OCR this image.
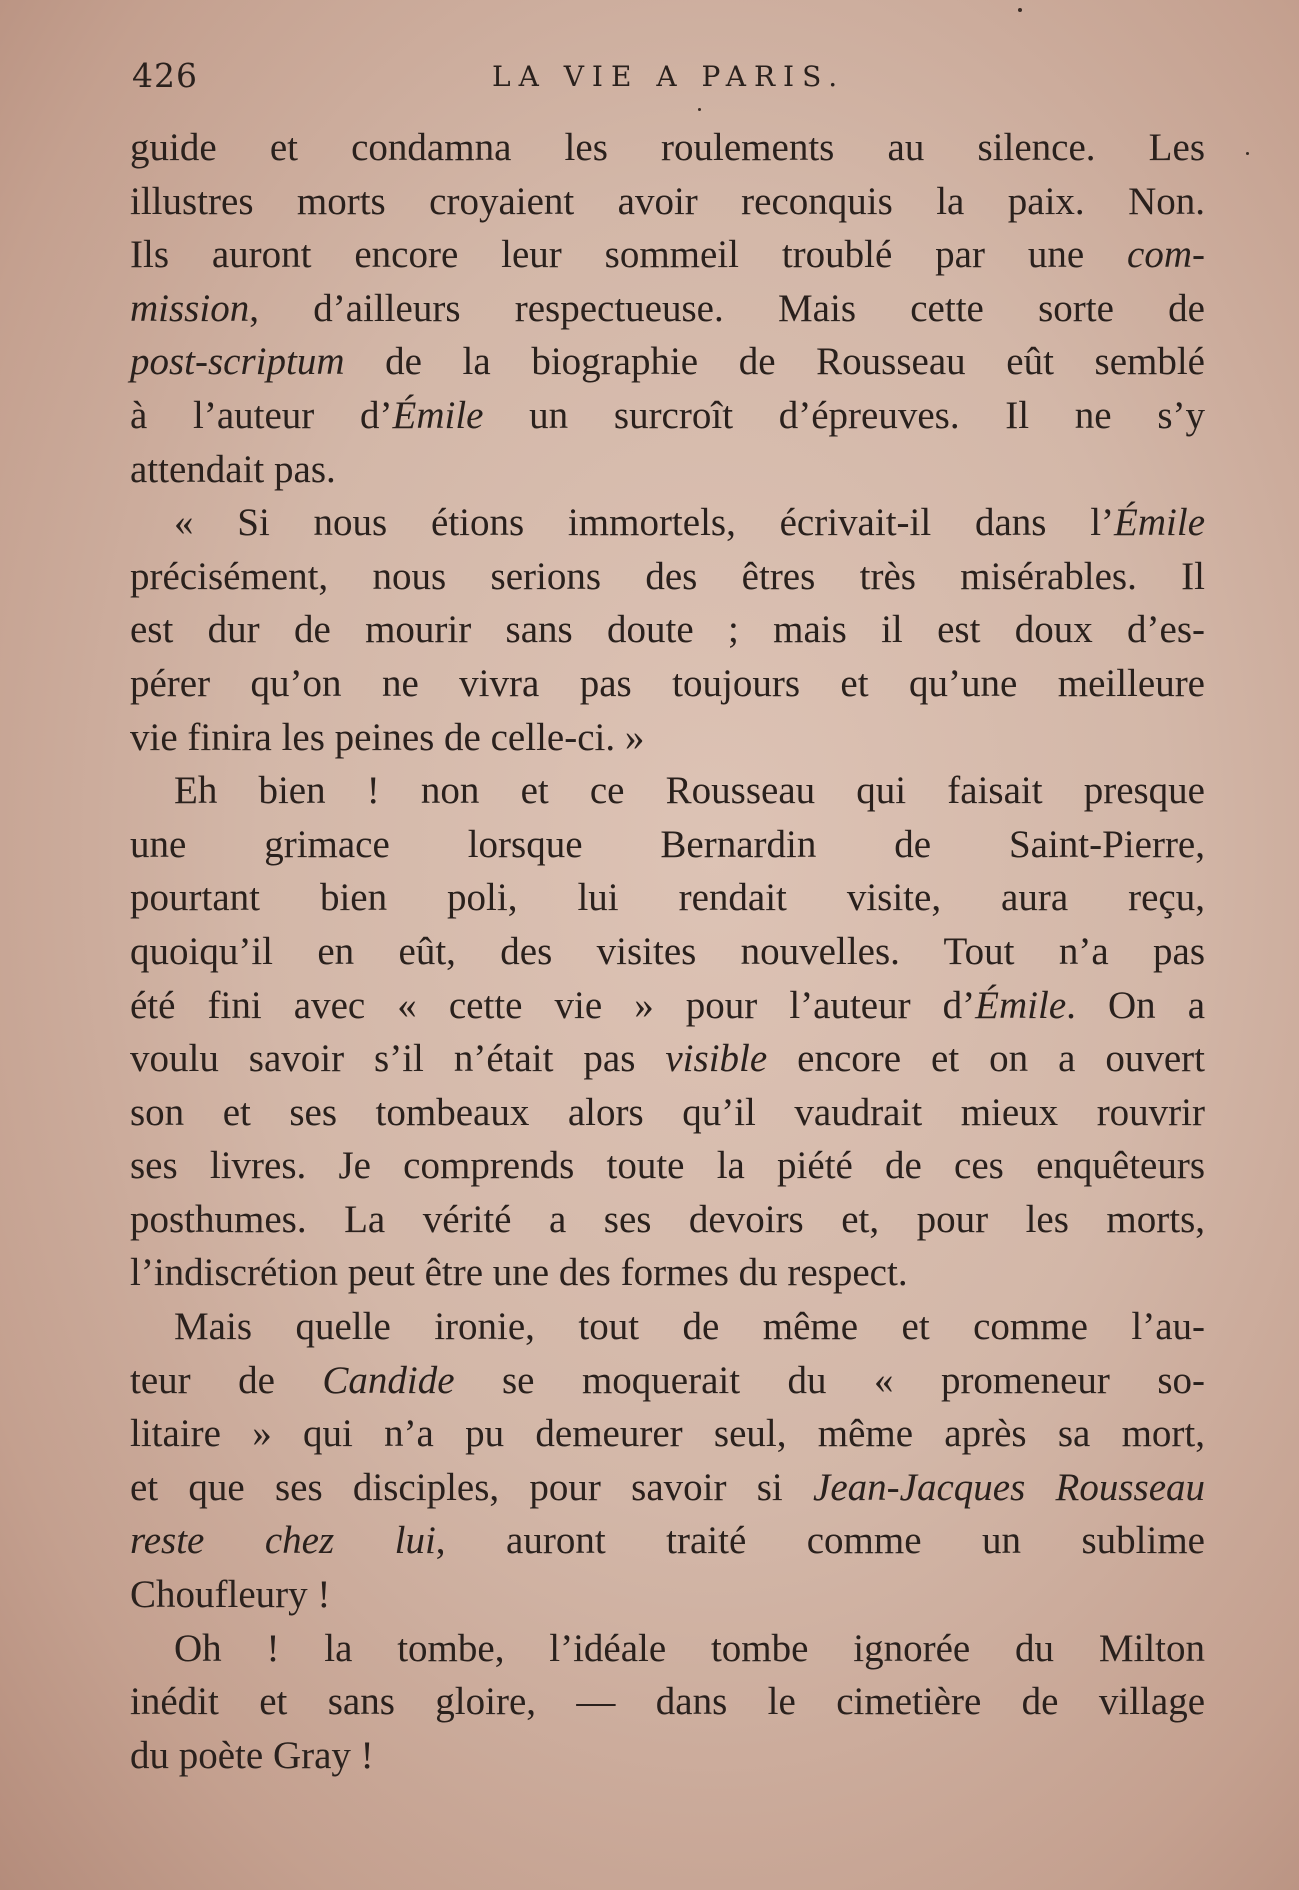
426	LA VIE A PARIS.
guide et condamna les roulements au silence. Les
illustres morts croyaient avoir reconquis la paix. Non.
Ils auront encore leur sommeil troublé par une com-
mission, d’ailleurs respectueuse. Mais cette sorte de
post-scriptum de la biographie de Rousseau eût semblé
à l’auteur d’Émile un surcroît d’épreuves. Il ne s’y
attendait pas.
« Si nous étions immortels, écrivait-il dans l’Émile
précisément, nous serions des êtres très misérables. Il
est dur de mourir sans doute ; mais il est doux d’es-
pérer qu’on ne vivra pas toujours et qu’une meilleure
vie finira les peines de celle-ci. »
Eh bien ! non et ce Rousseau qui faisait presque
une grimace lorsque Bernardin de Saint-Pierre,
pourtant bien poli, lui rendait visite, aura reçu,
quoiqu’il en eût, des visites nouvelles. Tout n’a pas
été fini avec « cette vie » pour l’auteur d’Émile. On a
voulu savoir s’il n’était pas visible encore et on a ouvert
son et ses tombeaux alors qu’il vaudrait mieux rouvrir
ses livres. Je comprends toute la piété de ces enquêteurs
posthumes. La vérité a ses devoirs et, pour les morts,
l’indiscrétion peut être une des formes du respect.
Mais quelle ironie, tout de même et comme l’au-
teur de Candide se moquerait du « promeneur so-
litaire » qui n’a pu demeurer seul, même après sa mort,
et que ses disciples, pour savoir si Jean-Jacques Rousseau
reste chez lui, auront traité comme un sublime
Choufleury !
Oh ! la tombe, l’idéale tombe ignorée du Milton
inédit et sans gloire, — dans le cimetière de village
du poète Gray !
